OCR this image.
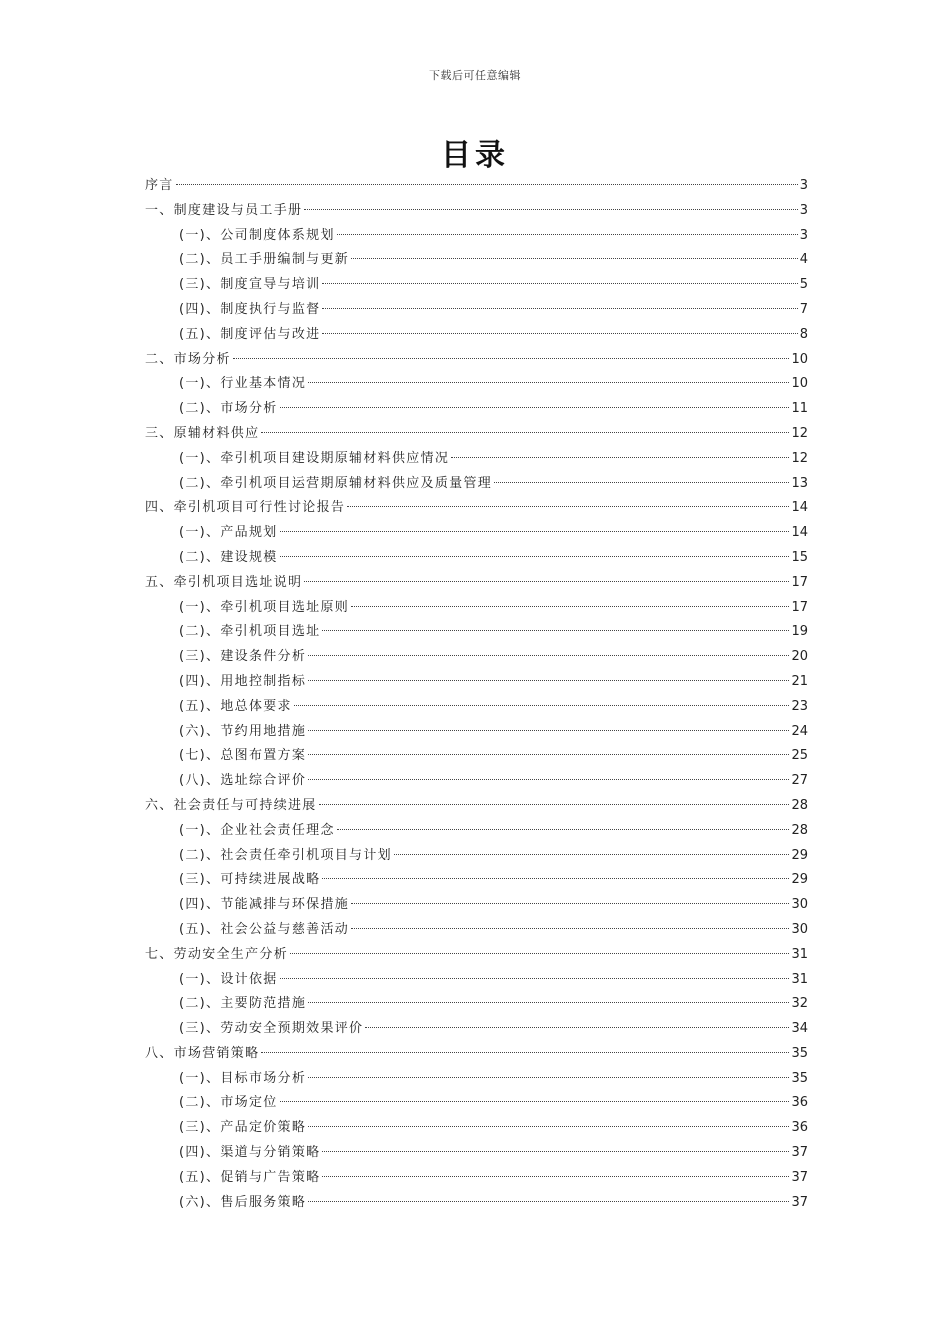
下载后可任意编辑
目录
序言	3
一、制度建设与员工手册	3
(一)、公司制度体系规划	3
(二)、员工手册编制与更新	4
(三)、制度宣导与培训	5
(四)、制度执行与监督	7
(五)、制度评估与改进	8
二、市场分析	10
(一)、行业基本情况	10
(二)、市场分析	11
三、原辅材料供应	12
(一)、牵引机项目建设期原辅材料供应情况	12
(二)、牵引机项目运营期原辅材料供应及质量管理	13
四、牵引机项目可行性讨论报告	14
(一)、产品规划	14
(二)、建设规模	15
五、牵引机项目选址说明	17
(一)、牵引机项目选址原则	17
(二)、牵引机项目选址	19
(三)、建设条件分析	20
(四)、用地控制指标	21
(五)、地总体要求	23
(六)、节约用地措施	24
(七)、总图布置方案	25
(八)、选址综合评价	27
六、社会责任与可持续进展	28
(一)、企业社会责任理念	28
(二)、社会责任牵引机项目与计划	29
(三)、可持续进展战略	29
(四)、节能减排与环保措施	30
(五)、社会公益与慈善活动	30
七、劳动安全生产分析	31
(一)、设计依据	31
(二)、主要防范措施	32
(三)、劳动安全预期效果评价	34
八、市场营销策略	35
(一)、目标市场分析	35
(二)、市场定位	36
(三)、产品定价策略	36
(四)、渠道与分销策略	37
(五)、促销与广告策略	37
(六)、售后服务策略	37
